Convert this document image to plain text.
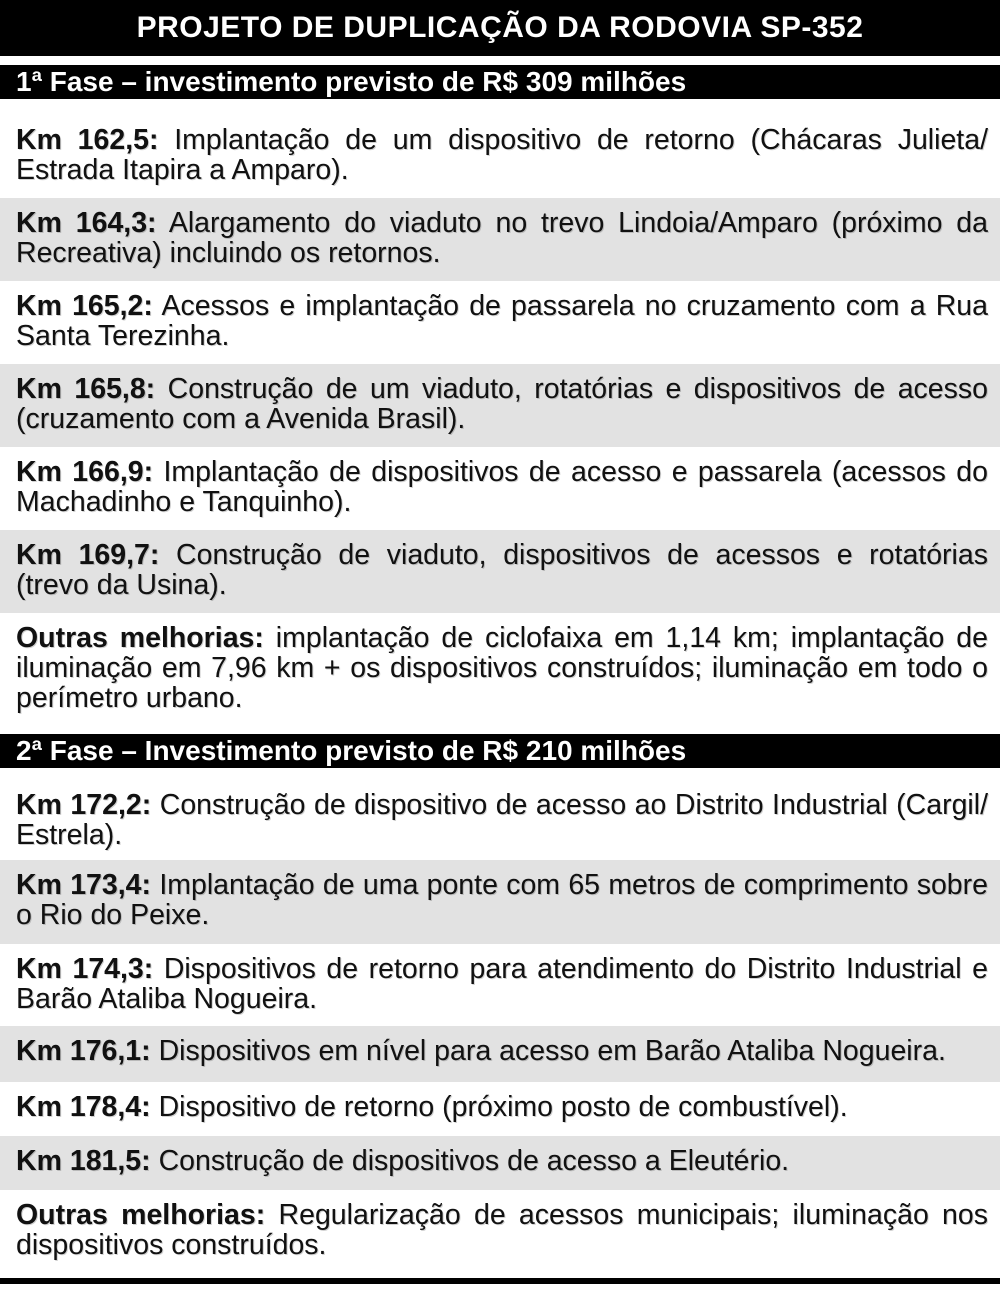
PROJETO DE DUPLICAÇÃO DA RODOVIA SP-352
1ª Fase – investimento previsto de R$ 309 milhões
Km 162,5: Implantação de um dispositivo de retorno (Chácaras Julieta/ Estrada Itapira a Amparo).
Km 164,3: Alargamento do viaduto no trevo Lindoia/Amparo (próximo da Recreativa) incluindo os retornos.
Km 165,2: Acessos e implantação de passarela no cruzamento com a Rua Santa Terezinha.
Km 165,8: Construção de um viaduto, rotatórias e dispositivos de acesso (cruzamento com a Avenida Brasil).
Km 166,9: Implantação de dispositivos de acesso e passarela (acessos do Machadinho e Tanquinho).
Km 169,7: Construção de viaduto, dispositivos de acessos e rotatórias (trevo da Usina).
Outras melhorias: implantação de ciclofaixa em 1,14 km; implantação de iluminação em 7,96 km + os dispositivos construídos; iluminação em todo o perímetro urbano.
2ª Fase – Investimento previsto de R$ 210 milhões
Km 172,2: Construção de dispositivo de acesso ao Distrito Industrial (Cargil/ Estrela).
Km 173,4: Implantação de uma ponte com 65 metros de comprimento sobre o Rio do Peixe.
Km 174,3: Dispositivos de retorno para atendimento do Distrito Industrial e Barão Ataliba Nogueira.
Km 176,1: Dispositivos em nível para acesso em Barão Ataliba Nogueira.
Km 178,4: Dispositivo de retorno (próximo posto de combustível).
Km 181,5: Construção de dispositivos de acesso a Eleutério.
Outras melhorias: Regularização de acessos municipais; iluminação nos dispositivos construídos.
